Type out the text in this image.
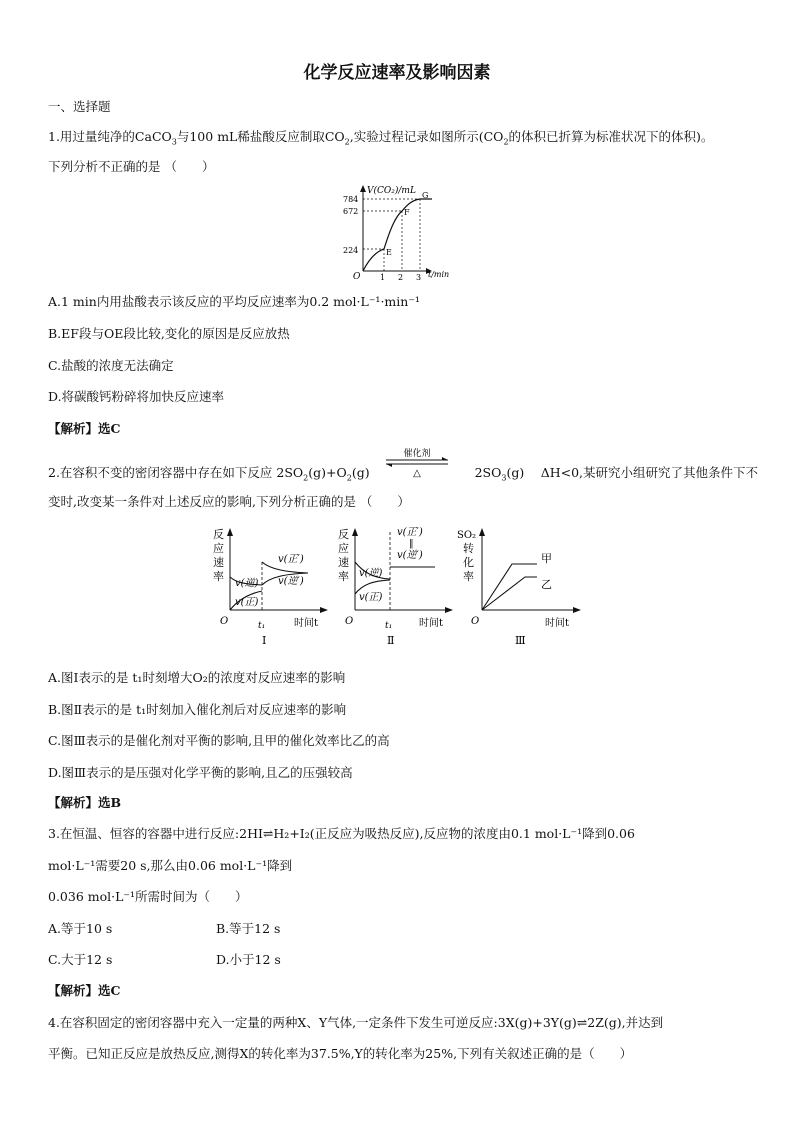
化学反应速率及影响因素
一、选择题
1.用过量纯净的CaCO$_3$与100 mL稀盐酸反应制取$CO_2$,实验过程记录如图所示($CO_2$的体积已折算为标准状况下的体积)。
下列分析不正确的是 （　　）
V(CO₂)/mL
t/min
O
784
672
224
1 2 3
E
F
G
A.1 min内用盐酸表示该反应的平均反应速率为0.2 mol·L⁻¹·min⁻¹
B.EF段与OE段比较,变化的原因是反应放热
C.盐酸的浓度无法确定
D.将碳酸钙粉碎将加快反应速率
【解析】选C
2.在容积不变的密闭容器中存在如下反应 $2SO_2(g)+O_2(g)$	$2SO_3(g)$　 ΔH<0,某研究小组研究了其他条件下不
催化剂
△
变时,改变某一条件对上述反应的影响,下列分析正确的是 （　　）
反
应
速
率
O	t₁	时间t
v(逆)
v(正)
v(正′)
v(逆′)
Ⅰ
反
应
速
率
O	t₁	时间t
v(逆)
v(正)
v(正′)
‖
v(逆′)
Ⅱ
SO₂
转
化
率
O	时间t
甲
乙
Ⅲ
A.图Ⅰ表示的是 t₁时刻增大O₂的浓度对反应速率的影响
B.图Ⅱ表示的是 t₁时刻加入催化剂后对反应速率的影响
C.图Ⅲ表示的是催化剂对平衡的影响,且甲的催化效率比乙的高
D.图Ⅲ表示的是压强对化学平衡的影响,且乙的压强较高
【解析】选B
3.在恒温、恒容的容器中进行反应:2HI⇌H₂+I₂(正反应为吸热反应),反应物的浓度由0.1 mol·L⁻¹降到0.06
mol·L⁻¹需要20 s,那么由0.06 mol·L⁻¹降到
0.036 mol·L⁻¹所需时间为（　　）
A.等于10 s	B.等于12 s
C.大于12 s	D.小于12 s
【解析】选C
4.在容积固定的密闭容器中充入一定量的两种X、Y气体,一定条件下发生可逆反应:3X(g)+3Y(g)⇌2Z(g),并达到
平衡。已知正反应是放热反应,测得X的转化率为37.5%,Y的转化率为25%,下列有关叙述正确的是（　　）
